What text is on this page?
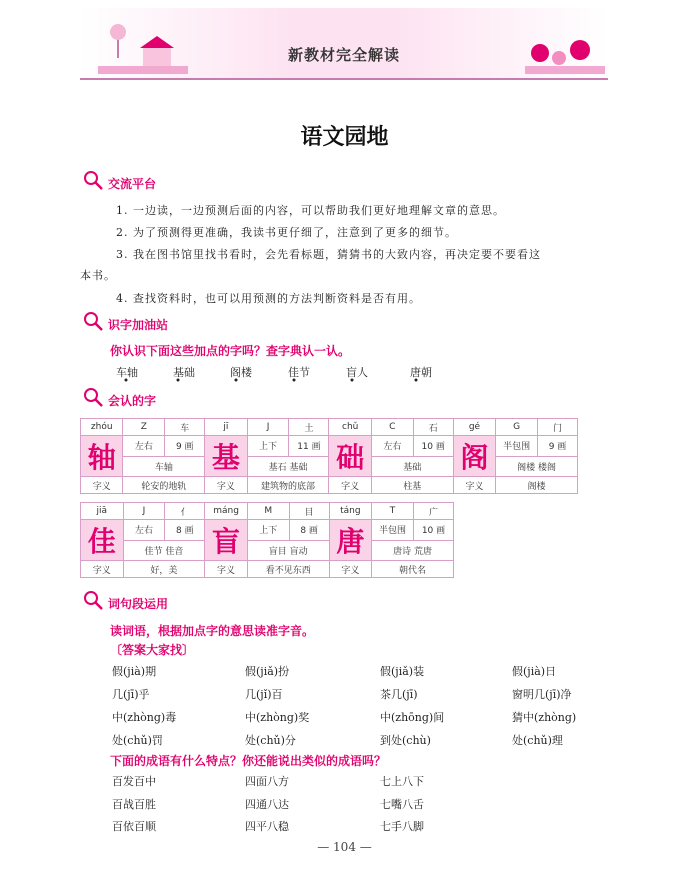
新教材完全解读
语文园地
交流平台
1. 一边读，一边预测后面的内容，可以帮助我们更好地理解文章的意思。
2. 为了预测得更准确，我读书更仔细了，注意到了更多的细节。
3. 我在图书馆里找书看时，会先看标题，猜猜书的大致内容，再决定要不要看这
本书。
4. 查找资料时，也可以用预测的方法判断资料是否有用。
识字加油站
你认识下面这些加点的字吗？查字典认一认。
车轴	基础	阁楼	佳节	盲人	唐朝
会认的字
zhóu	Z	车	jī	J	土	chǔ	C	石	gé	G	门
轴	左右	9 画	基	上下	11 画	础	左右	10 画	阁	半包围	9 画
	车轴			基石 基础			基础			阁楼 楼阁	
字义	轮安的地轨		字义	建筑物的底部		字义	柱基		字义	阁楼	
jiā	J	亻	máng	M	目	táng	T	广
佳	左右	8 画	盲	上下	8 画	唐	半包围	10 画
	佳节 佳音			盲目 盲动			唐诗 荒唐	
字义	好，美		字义	看不见东西		字义	朝代名	
词句段运用
读词语，根据加点字的意思读准字音。
〔答案大家找〕
假(jià)期	假(jiǎ)扮	假(jiǎ)装	假(jià)日
几(jī)乎	几(jǐ)百	茶几(jī)	窗明几(jī)净
中(zhòng)毒	中(zhòng)奖	中(zhōng)间	猜中(zhòng)
处(chǔ)罚	处(chǔ)分	到处(chù)	处(chǔ)理
下面的成语有什么特点？你还能说出类似的成语吗？
百发百中	四面八方	七上八下
百战百胜	四通八达	七嘴八舌
百依百顺	四平八稳	七手八脚
— 104 —
